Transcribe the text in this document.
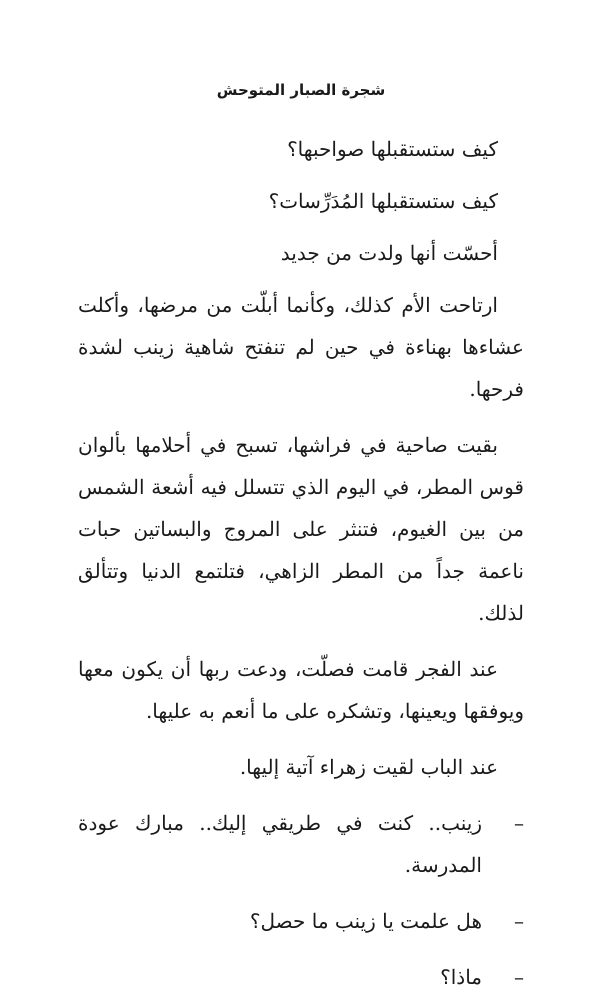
شجرة الصبار المتوحش

كيف ستستقبلها صواحبها؟

كيف ستستقبلها المُدَرِّسات؟

أحسّت أنها ولدت من جديد

ارتاحت الأم كذلك، وكأنما أبلّت من مرضها، وأكلت عشاءها بهناءة في حين لم تنفتح شاهية زينب لشدة فرحها.

بقيت صاحية في فراشها، تسبح في أحلامها بألوان قوس المطر، في اليوم الذي تتسلل فيه أشعة الشمس من بين الغيوم، فتنثر على المروج والبساتين حبات ناعمة جداً من المطر الزاهي، فتلتمع الدنيا وتتألق لذلك.

عند الفجر قامت فصلّت، ودعت ربها أن يكون معها ويوفقها ويعينها، وتشكره على ما أنعم به عليها.

عند الباب لقيت زهراء آتية إليها.

–
زينب.. كنت في طريقي إليك.. مبارك عودة المدرسة.
–
هل علمت يا زينب ما حصل؟
–
ماذا؟
